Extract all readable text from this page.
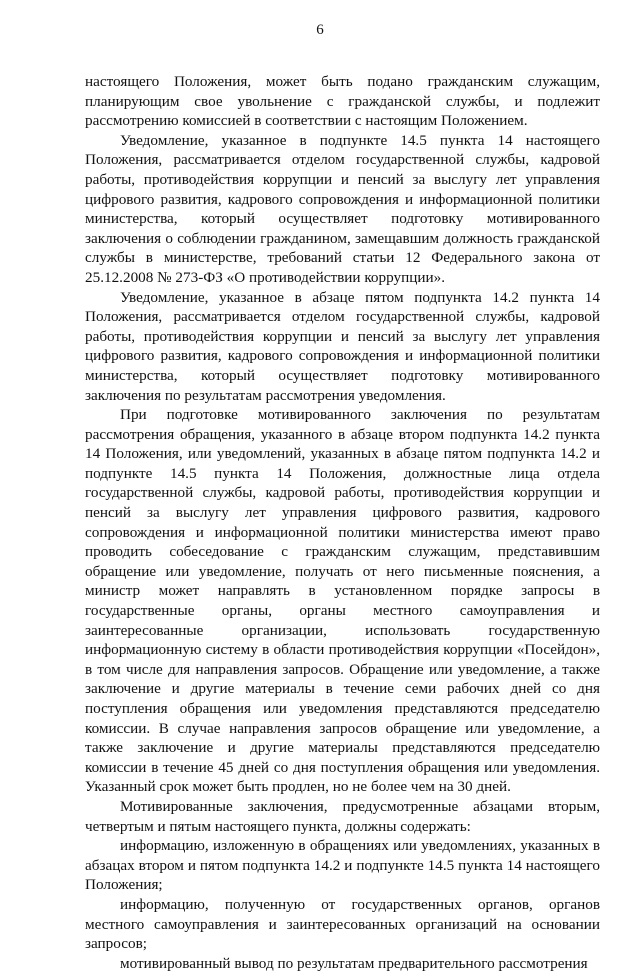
6

настоящего Положения, может быть подано гражданским служащим, планирующим свое увольнение с гражданской службы, и подлежит рассмотрению комиссией в соответствии с настоящим Положением.

Уведомление, указанное в подпункте 14.5 пункта 14 настоящего Положения, рассматривается отделом государственной службы, кадровой работы, противодействия коррупции и пенсий за выслугу лет управления цифрового развития, кадрового сопровождения и информационной политики министерства, который осуществляет подготовку мотивированного заключения о соблюдении гражданином, замещавшим должность гражданской службы в министерстве, требований статьи 12 Федерального закона от 25.12.2008 № 273-ФЗ «О противодействии коррупции».

Уведомление, указанное в абзаце пятом подпункта 14.2 пункта 14 Положения, рассматривается отделом государственной службы, кадровой работы, противодействия коррупции и пенсий за выслугу лет управления цифрового развития, кадрового сопровождения и информационной политики министерства, который осуществляет подготовку мотивированного заключения по результатам рассмотрения уведомления.

При подготовке мотивированного заключения по результатам рассмотрения обращения, указанного в абзаце втором подпункта 14.2 пункта 14 Положения, или уведомлений, указанных в абзаце пятом подпункта 14.2 и подпункте 14.5 пункта 14 Положения, должностные лица отдела государственной службы, кадровой работы, противодействия коррупции и пенсий за выслугу лет управления цифрового развития, кадрового сопровождения и информационной политики министерства имеют право проводить собеседование с гражданским служащим, представившим обращение или уведомление, получать от него письменные пояснения, а министр может направлять в установленном порядке запросы в государственные органы, органы местного самоуправления и заинтересованные организации, использовать государственную информационную систему в области противодействия коррупции «Посейдон», в том числе для направления запросов. Обращение или уведомление, а также заключение и другие материалы в течение семи рабочих дней со дня поступления обращения или уведомления представляются председателю комиссии. В случае направления запросов обращение или уведомление, а также заключение и другие материалы представляются председателю комиссии в течение 45 дней со дня поступления обращения или уведомления. Указанный срок может быть продлен, но не более чем на 30 дней.

Мотивированные заключения, предусмотренные абзацами вторым, четвертым и пятым настоящего пункта, должны содержать:

информацию, изложенную в обращениях или уведомлениях, указанных в абзацах втором и пятом подпункта 14.2 и подпункте 14.5 пункта 14 настоящего Положения;

информацию, полученную от государственных органов, органов местного самоуправления и заинтересованных организаций на основании запросов;

мотивированный вывод по результатам предварительного рассмотрения
